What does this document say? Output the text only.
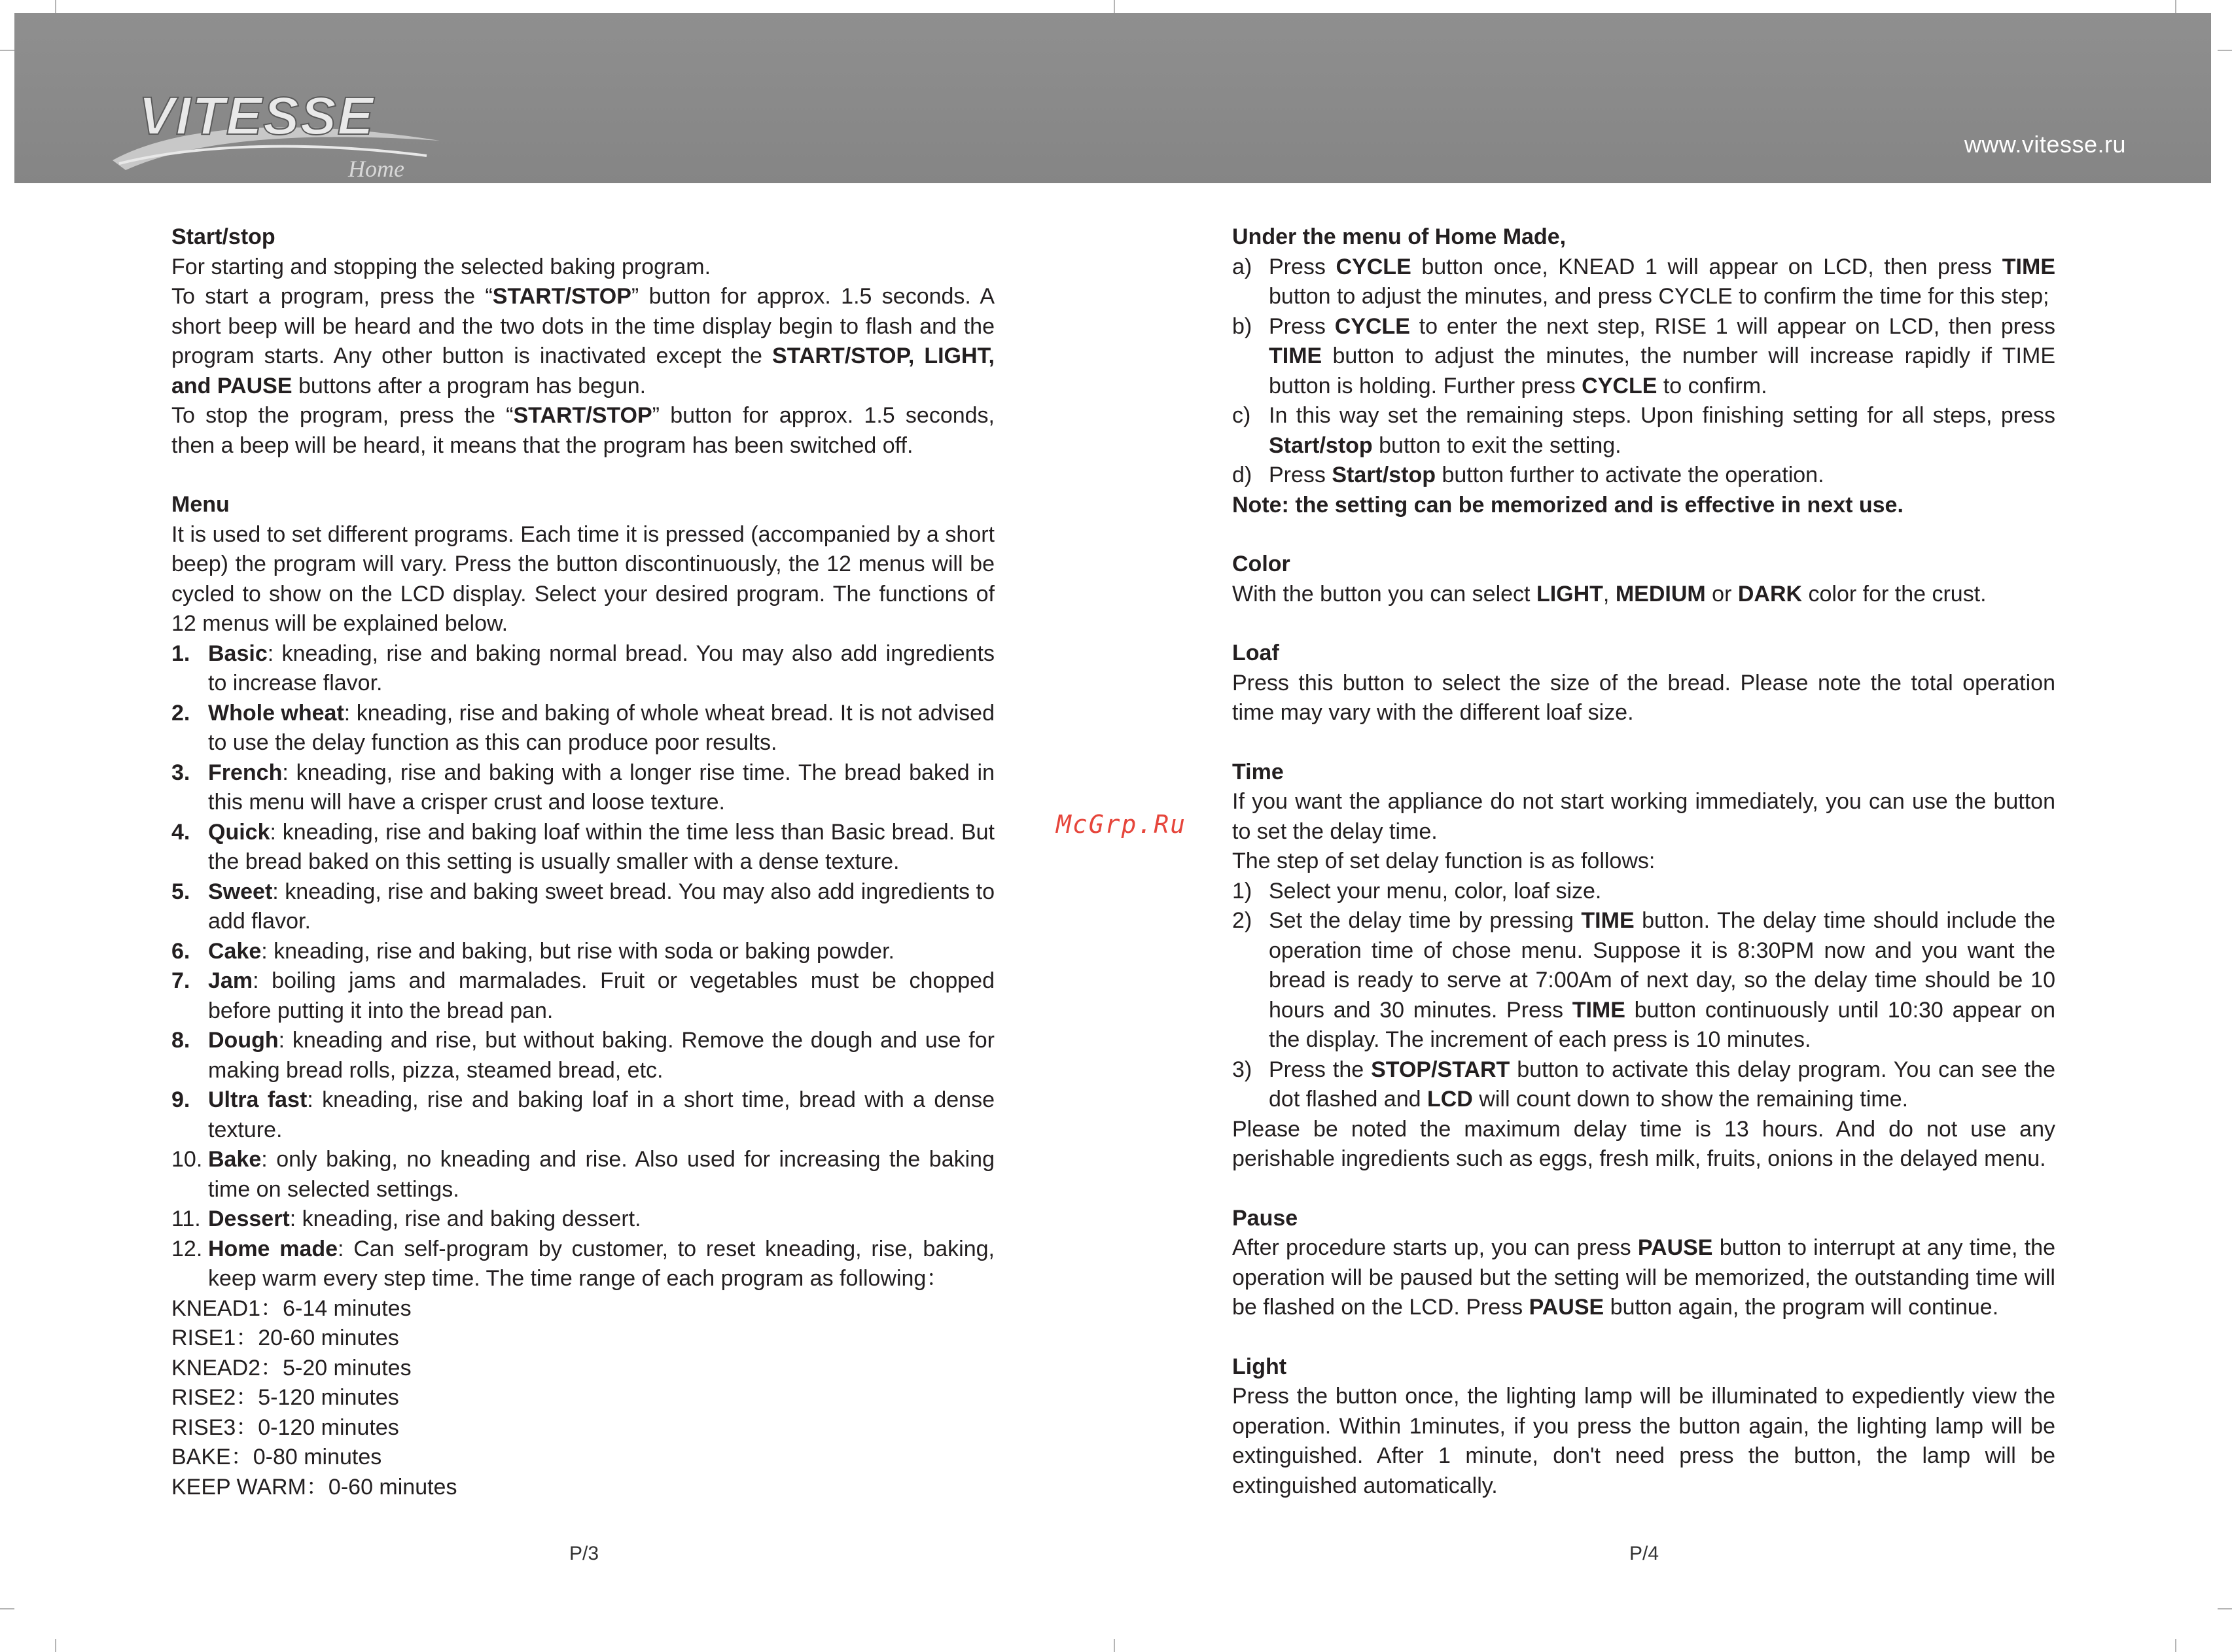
VITESSE
Home
www.vitesse.ru
McGrp.Ru

Start/stop

For starting and stopping the selected baking program.

To start a program, press the “START/STOP” button for approx. 1.5 seconds. A short beep will be heard and the two dots in the time display begin to flash and the program starts. Any other button is inactivated except the START/STOP, LIGHT, and PAUSE buttons after a program has begun.

To stop the program, press the “START/STOP” button for approx. 1.5 seconds, then a beep will be heard, it means that the program has been switched off.

Menu

It is used to set different programs. Each time it is pressed (accompanied by a short beep) the program will vary. Press the button discontinuously, the 12 menus will be cycled to show on the LCD display. Select your desired program. The functions of 12 menus will be explained below.

1. Basic: kneading, rise and baking normal bread. You may also add ingredients to increase flavor.
2. Whole wheat: kneading, rise and baking of whole wheat bread. It is not advised to use the delay function as this can produce poor results.
3. French: kneading, rise and baking with a longer rise time. The bread baked in this menu will have a crisper crust and loose texture.
4. Quick: kneading, rise and baking loaf within the time less than Basic bread. But the bread baked on this setting is usually smaller with a dense texture.
5. Sweet: kneading, rise and baking sweet bread. You may also add ingredients to add flavor.
6. Cake: kneading, rise and baking, but rise with soda or baking powder.
7. Jam: boiling jams and marmalades. Fruit or vegetables must be chopped before putting it into the bread pan.
8. Dough: kneading and rise, but without baking. Remove the dough and use for making bread rolls, pizza, steamed bread, etc.
9. Ultra fast: kneading, rise and baking loaf in a short time, bread with a dense texture.
10. Bake: only baking, no kneading and rise. Also used for increasing the baking time on selected settings.
11. Dessert: kneading, rise and baking dessert.
12. Home made: Can self-program by customer, to reset kneading, rise, baking, keep warm every step time. The time range of each program as following：

KNEAD1：6-14 minutes

RISE1：20-60 minutes

KNEAD2：5-20 minutes

RISE2：5-120 minutes

RISE3：0-120 minutes

BAKE：0-80 minutes

KEEP WARM：0-60 minutes

P/3

Under the menu of Home Made,

a) Press CYCLE button once, KNEAD 1 will appear on LCD, then press TIME button to adjust the minutes, and press CYCLE to confirm the time for this step;
b) Press CYCLE to enter the next step, RISE 1 will appear on LCD, then press TIME button to adjust the minutes, the number will increase rapidly if TIME button is holding. Further press CYCLE to confirm.
c) In this way set the remaining steps. Upon finishing setting for all steps, press Start/stop button to exit the setting.
d) Press Start/stop button further to activate the operation.

Note: the setting can be memorized and is effective in next use.

Color

With the button you can select LIGHT, MEDIUM or DARK color for the crust.

Loaf

Press this button to select the size of the bread. Please note the total operation time may vary with the different loaf size.

Time

If you want the appliance do not start working immediately, you can use the button to set the delay time.

The step of set delay function is as follows:

1) Select your menu, color, loaf size.
2) Set the delay time by pressing TIME button. The delay time should include the operation time of chose menu. Suppose it is 8:30PM now and you want the bread is ready to serve at 7:00Am of next day, so the delay time should be 10 hours and 30 minutes. Press TIME button continuously until 10:30 appear on the display. The increment of each press is 10 minutes.
3) Press the STOP/START button to activate this delay program. You can see the dot flashed and LCD will count down to show the remaining time.

Please be noted the maximum delay time is 13 hours. And do not use any perishable ingredients such as eggs, fresh milk, fruits, onions in the delayed menu.

Pause

After procedure starts up, you can press PAUSE button to interrupt at any time, the operation will be paused but the setting will be memorized, the outstanding time will be flashed on the LCD. Press PAUSE button again, the program will continue.

Light

Press the button once, the lighting lamp will be illuminated to expediently view the operation. Within 1minutes, if you press the button again, the lighting lamp will be extinguished. After 1 minute, don't need press the button, the lamp will be extinguished automatically.

P/4
